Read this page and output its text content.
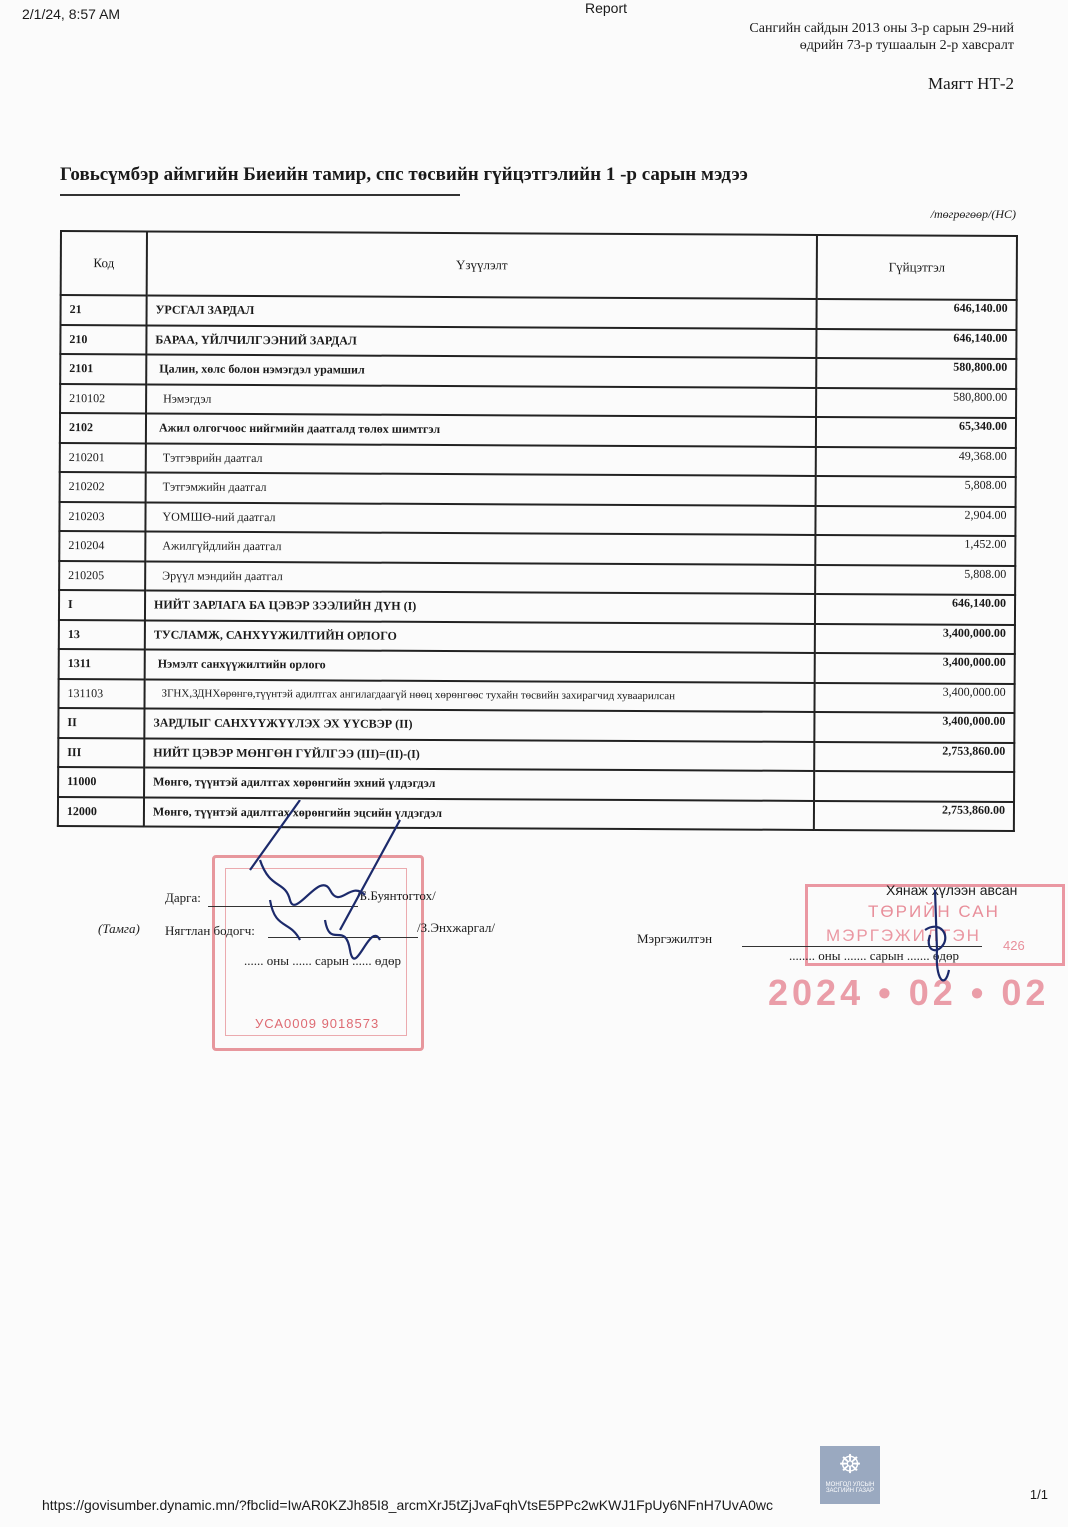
2/1/24, 8:57 AM	Report
Сангийн сайдын 2013 оны 3-р сарын 29-ний
өдрийн 73-р тушаалын 2-р хавсралт
Маягт НТ-2
Говьсүмбэр аймгийн Биеийн тамир, спс төсвийн гүйцэтгэлийн 1 -р сарын мэдээ
/төгрөгөөр/(НС)
Код	Үзүүлэлт	Гүйцэтгэл
21	УРСГАЛ ЗАРДАЛ	646,140.00
210	БАРАА, ҮЙЛЧИЛГЭЭНИЙ ЗАРДАЛ	646,140.00
2101	Цалин, хөлс болон нэмэгдэл урамшил	580,800.00
210102	Нэмэгдэл	580,800.00
2102	Ажил олгогчоос нийгмийн даатгалд төлөх шимтгэл	65,340.00
210201	Тэтгэврийн даатгал	49,368.00
210202	Тэтгэмжийн даатгал	5,808.00
210203	ҮОМШӨ-ний даатгал	2,904.00
210204	Ажилгүйдлийн даатгал	1,452.00
210205	Эрүүл мэндийн даатгал	5,808.00
I	НИЙТ ЗАРЛАГА БА ЦЭВЭР ЗЭЭЛИЙН ДҮН (I)	646,140.00
13	ТУСЛАМЖ, САНХҮҮЖИЛТИЙН ОРЛОГО	3,400,000.00
1311	Нэмэлт санхүүжилтийн орлого	3,400,000.00
131103	ЗГНХ,ЗДНХөрөнгө,түүнтэй адилтгах ангилагдаагүй нөөц хөрөнгөөс тухайн төсвийн захирагчид хуваарилсан	3,400,000.00
II	ЗАРДЛЫГ САНХҮҮЖҮҮЛЭХ ЭХ ҮҮСВЭР (II)	3,400,000.00
III	НИЙТ ЦЭВЭР МӨНГӨН ГҮЙЛГЭЭ (III)=(II)-(I)	2,753,860.00
11000	Мөнгө, түүнтэй адилтгах хөрөнгийн эхний үлдэгдэл	
12000	Мөнгө, түүнтэй адилтгах хөрөнгийн эцсийн үлдэгдэл	2,753,860.00
УСА0009 9018573
Дарга:	/Б.Буянтогтох/
(Тамга) Нягтлан бодогч:	/З.Энхжаргал/
...... оны ...... сарын ...... өдөр
ТӨРИЙН САН
МЭРГЭЖИЛТЭН
426
Хянаж хүлээн авсан
Мэргэжилтэн
........ оны ....... сарын ....... өдөр
2024 • 02 • 02
https://govisumber.dynamic.mn/?fbclid=IwAR0KZJh85I8_arcmXrJ5tZjJvaFqhVtsE5PPc2wKWJ1FpUy6NFnH7UvA0wc
☸
МОНГОЛ УЛСЫН ЗАСГИЙН ГАЗАР	1/1
